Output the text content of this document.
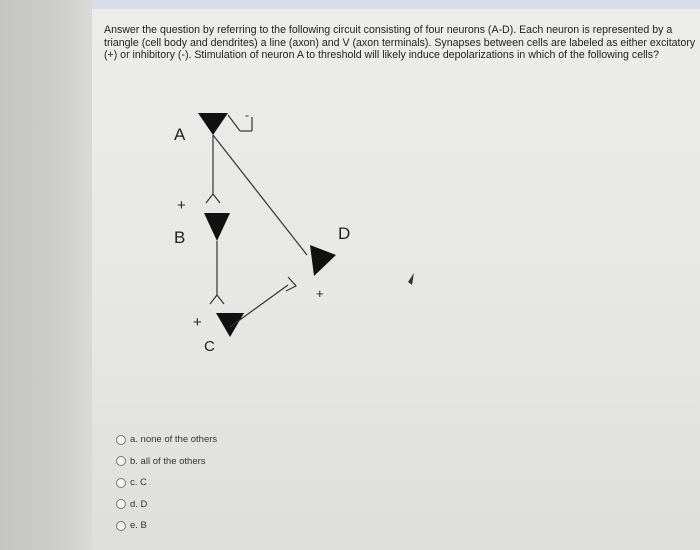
Answer the question by referring to the following circuit consisting of four neurons (A-D). Each neuron is represented by a triangle (cell body and dendrites) a line (axon) and V (axon terminals). Synapses between cells are labeled as either excitatory (+) or inhibitory (-). Stimulation of neuron A to threshold will likely induce depolarizations in which of the following cells?

A
-
+
B
+
C
D
+
a. none of the others
b. all of the others
c. C
d. D
e. B
